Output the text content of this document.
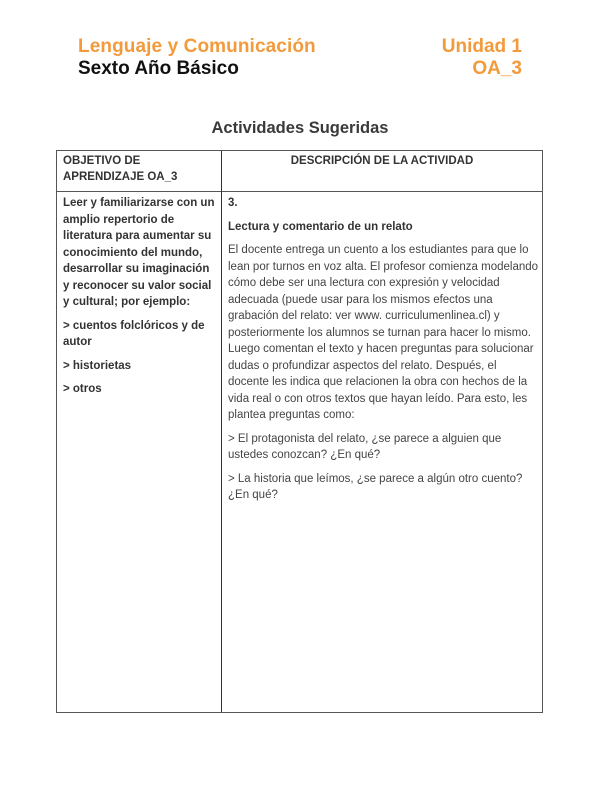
Lenguaje y Comunicación
Sexto Año Básico
Unidad 1
OA_3
Actividades Sugeridas
OBJETIVO DE APRENDIZAJE OA_3
DESCRIPCIÓN DE LA ACTIVIDAD

Leer y familiarizarse con un amplio repertorio de literatura para aumentar su conocimiento del mundo, desarrollar su imaginación y reconocer su valor social y cultural; por ejemplo:

> cuentos folclóricos y de autor

> historietas

> otros

3.

Lectura y comentario de un relato

El docente entrega un cuento a los estudiantes para que lo lean por turnos en voz alta. El profesor comienza modelando cómo debe ser una lectura con expresión y velocidad adecuada (puede usar para los mismos efectos una grabación del relato: ver www. curriculumenlinea.cl) y posteriormente los alumnos se turnan para hacer lo mismo. Luego comentan el texto y hacen preguntas para solucionar dudas o profundizar aspectos del relato. Después, el docente les indica que relacionen la obra con hechos de la vida real o con otros textos que hayan leído. Para esto, les plantea preguntas como:

> El protagonista del relato, ¿se parece a alguien que ustedes conozcan? ¿En qué?

> La historia que leímos, ¿se parece a algún otro cuento? ¿En qué?
